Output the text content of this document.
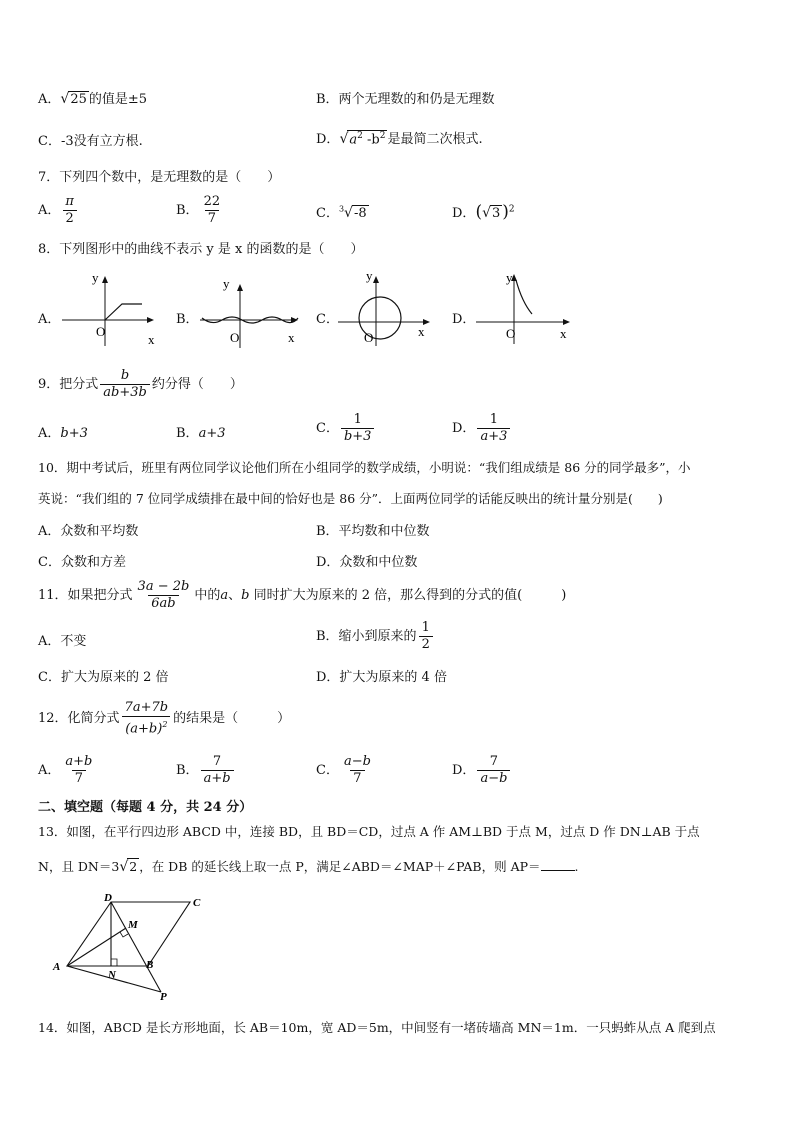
A．√25 的值是±5	B．两个无理数的和仍是无理数
C．-3没有立方根.	D．$√a^2$ $-b^2$ 是最简二次根式.
7．下列四个数中，是无理数的是（　　）
A． $\frac{\pi}{2}$	B． $\frac{22}{7}$	C．$^3$√-8	D．(√3 )$^2$
8．下列图形中的曲线不表示 y 是 x 的函数的是（　　）
A．	B．	C．	D．
y
x
O
y
x
O
y
x
O
y
x
O
9．把分式 $\frac{b}{ab+3b}$ 约分得（　　）
A．b+3	B．a+3	C． $\frac{1}{b+3}$	D． $\frac{1}{a+3}$
10．期中考试后，班里有两位同学议论他们所在小组同学的数学成绩，小明说：“我们组成绩是 86 分的同学最多”，小
英说：“我们组的 7 位同学成绩排在最中间的恰好也是 86 分”．上面两位同学的话能反映出的统计量分别是(　　)
A．众数和平均数	B．平均数和中位数
C．众数和方差	D．众数和中位数
11．如果把分式 $\frac{3a - 2b}{6ab}$ 中的a、b 同时扩大为原来的 2 倍，那么得到的分式的值(　　　)
A．不变	B．缩小到原来的 $\frac{1}{2}$
C．扩大为原来的 2 倍	D．扩大为原来的 4 倍
12．化简分式 $\frac{7a+7b}{(a+b)^2}$ 的结果是（　　　）
A． $\frac{a+b}{7}$	B． $\frac{7}{a+b}$	C． $\frac{a-b}{7}$	D． $\frac{7}{a-b}$
二、填空题（每题 4 分，共 24 分）
13．如图，在平行四边形 ABCD 中，连接 BD，且 BD＝CD，过点 A 作 AM⊥BD 于点 M，过点 D 作 DN⊥AB 于点
N，且 DN＝3√2 ，在 DB 的延长线上取一点 P，满足∠ABD＝∠MAP＋∠PAB，则 AP＝	.
D	C
M
A
N
B
P
14．如图，ABCD 是长方形地面，长 AB＝10m，宽 AD＝5m，中间竖有一堵砖墙高 MN＝1m．一只蚂蚱从点 A 爬到点
